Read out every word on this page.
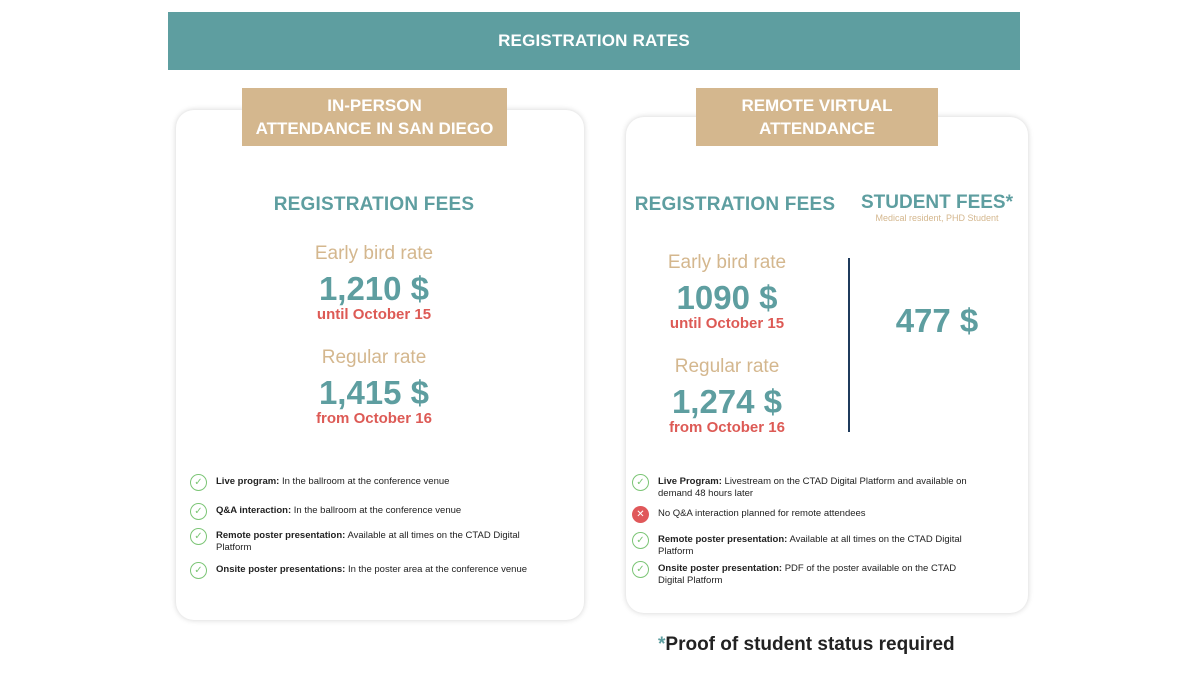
REGISTRATION RATES
IN-PERSON
ATTENDANCE IN SAN DIEGO
REGISTRATION FEES
Early bird rate
1,210 $
until October 15
Regular rate
1,415 $
from October 16
✓	Live program: In the ballroom at the conference venue
✓	Q&A interaction: In the ballroom at the conference venue
✓	Remote poster presentation: Available at all times on the CTAD Digital Platform
✓	Onsite poster presentations: In the poster area at the conference venue
REMOTE VIRTUAL
ATTENDANCE
REGISTRATION FEES	STUDENT FEES*
Medical resident, PHD Student
Early bird rate
1090 $
until October 15
Regular rate
1,274 $
from October 16
477 $
✓	Live Program: Livestream on the CTAD Digital Platform and available on demand 48 hours later
✕	No Q&A interaction planned for remote attendees
✓	Remote poster presentation: Available at all times on the CTAD Digital Platform
✓	Onsite poster presentation: PDF of the poster available on the CTAD Digital Platform
*Proof of student status required
